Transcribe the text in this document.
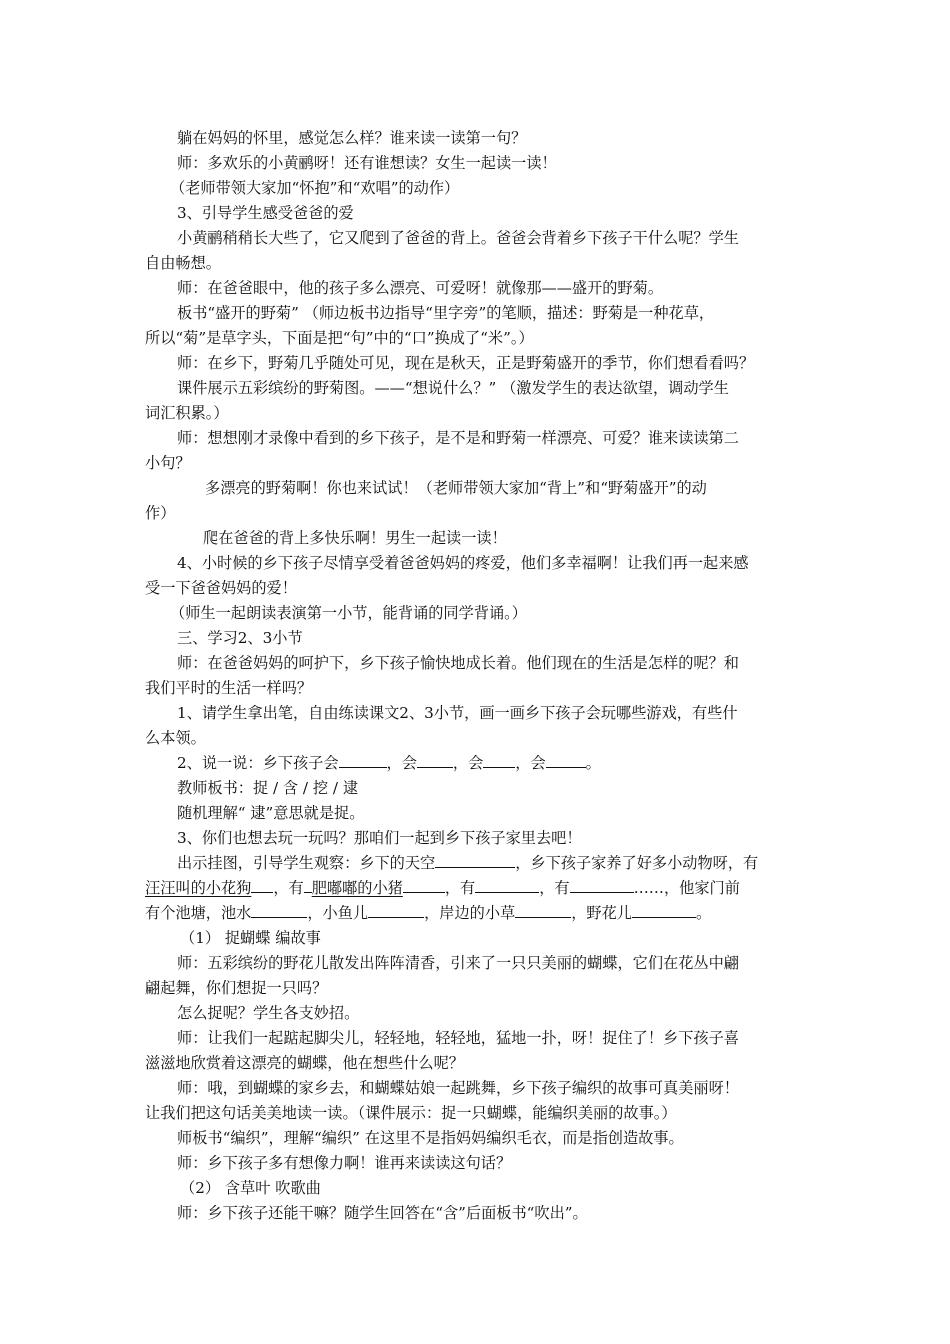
躺在妈妈的怀里，感觉怎么样？谁来读一读第一句？
师：多欢乐的小黄鹂呀！还有谁想读？女生一起读一读！
（老师带领大家加“怀抱”和“欢唱”的动作）
3、引导学生感受爸爸的爱
小黄鹂稍稍长大些了，它又爬到了爸爸的背上。爸爸会背着乡下孩子干什么呢？学生
自由畅想。
师：在爸爸眼中，他的孩子多么漂亮、可爱呀！就像那——盛开的野菊。
板书“盛开的野菊” （师边板书边指导“里字旁”的笔顺，描述：野菊是一种花草，
所以“菊”是草字头，下面是把“句”中的“口”换成了“米”。）
师：在乡下，野菊几乎随处可见，现在是秋天，正是野菊盛开的季节，你们想看看吗？
课件展示五彩缤纷的野菊图。——“想说什么？” （激发学生的表达欲望，调动学生
词汇积累。）
师：想想刚才录像中看到的乡下孩子，是不是和野菊一样漂亮、可爱？谁来读读第二
小句？
多漂亮的野菊啊！你也来试试！（老师带领大家加“背上”和“野菊盛开”的动
作）
爬在爸爸的背上多快乐啊！男生一起读一读！
4、小时候的乡下孩子尽情享受着爸爸妈妈的疼爱，他们多幸福啊！让我们再一起来感
受一下爸爸妈妈的爱！
（师生一起朗读表演第一小节，能背诵的同学背诵。）
三、学习2、3小节
师：在爸爸妈妈的呵护下，乡下孩子愉快地成长着。他们现在的生活是怎样的呢？和
我们平时的生活一样吗？
1、请学生拿出笔，自由练读课文2、3小节，画一画乡下孩子会玩哪些游戏，有些什
么本领。
2、说一说：乡下孩子会	，会 ，会 ，会	。
教师板书：捉 / 含 / 挖 / 逮
随机理解“ 逮”意思就是捉。
3、你们也想去玩一玩吗？那咱们一起到乡下孩子家里去吧！
出示挂图，引导学生观察：乡下的天空	，乡下孩子家养了好多小动物呀，有
汪汪叫的小花狗 ，有 肥嘟嘟的小猪	，有	，有	……，他家门前
有个池塘，池水	，小鱼儿	，岸边的小草	，野花儿	。
（1） 捉蝴蝶 编故事
师：五彩缤纷的野花儿散发出阵阵清香，引来了一只只美丽的蝴蝶，它们在花丛中翩
翩起舞，你们想捉一只吗？
怎么捉呢？学生各支妙招。
师：让我们一起踮起脚尖儿，轻轻地，轻轻地，猛地一扑，呀！捉住了！乡下孩子喜
滋滋地欣赏着这漂亮的蝴蝶，他在想些什么呢？
师：哦，到蝴蝶的家乡去，和蝴蝶姑娘一起跳舞，乡下孩子编织的故事可真美丽呀！
让我们把这句话美美地读一读。（课件展示：捉一只蝴蝶，能编织美丽的故事。）
师板书“编织”，理解“编织” 在这里不是指妈妈编织毛衣，而是指创造故事。
师：乡下孩子多有想像力啊！谁再来读读这句话？
（2） 含草叶 吹歌曲
师：乡下孩子还能干嘛？随学生回答在“含”后面板书“吹出”。
